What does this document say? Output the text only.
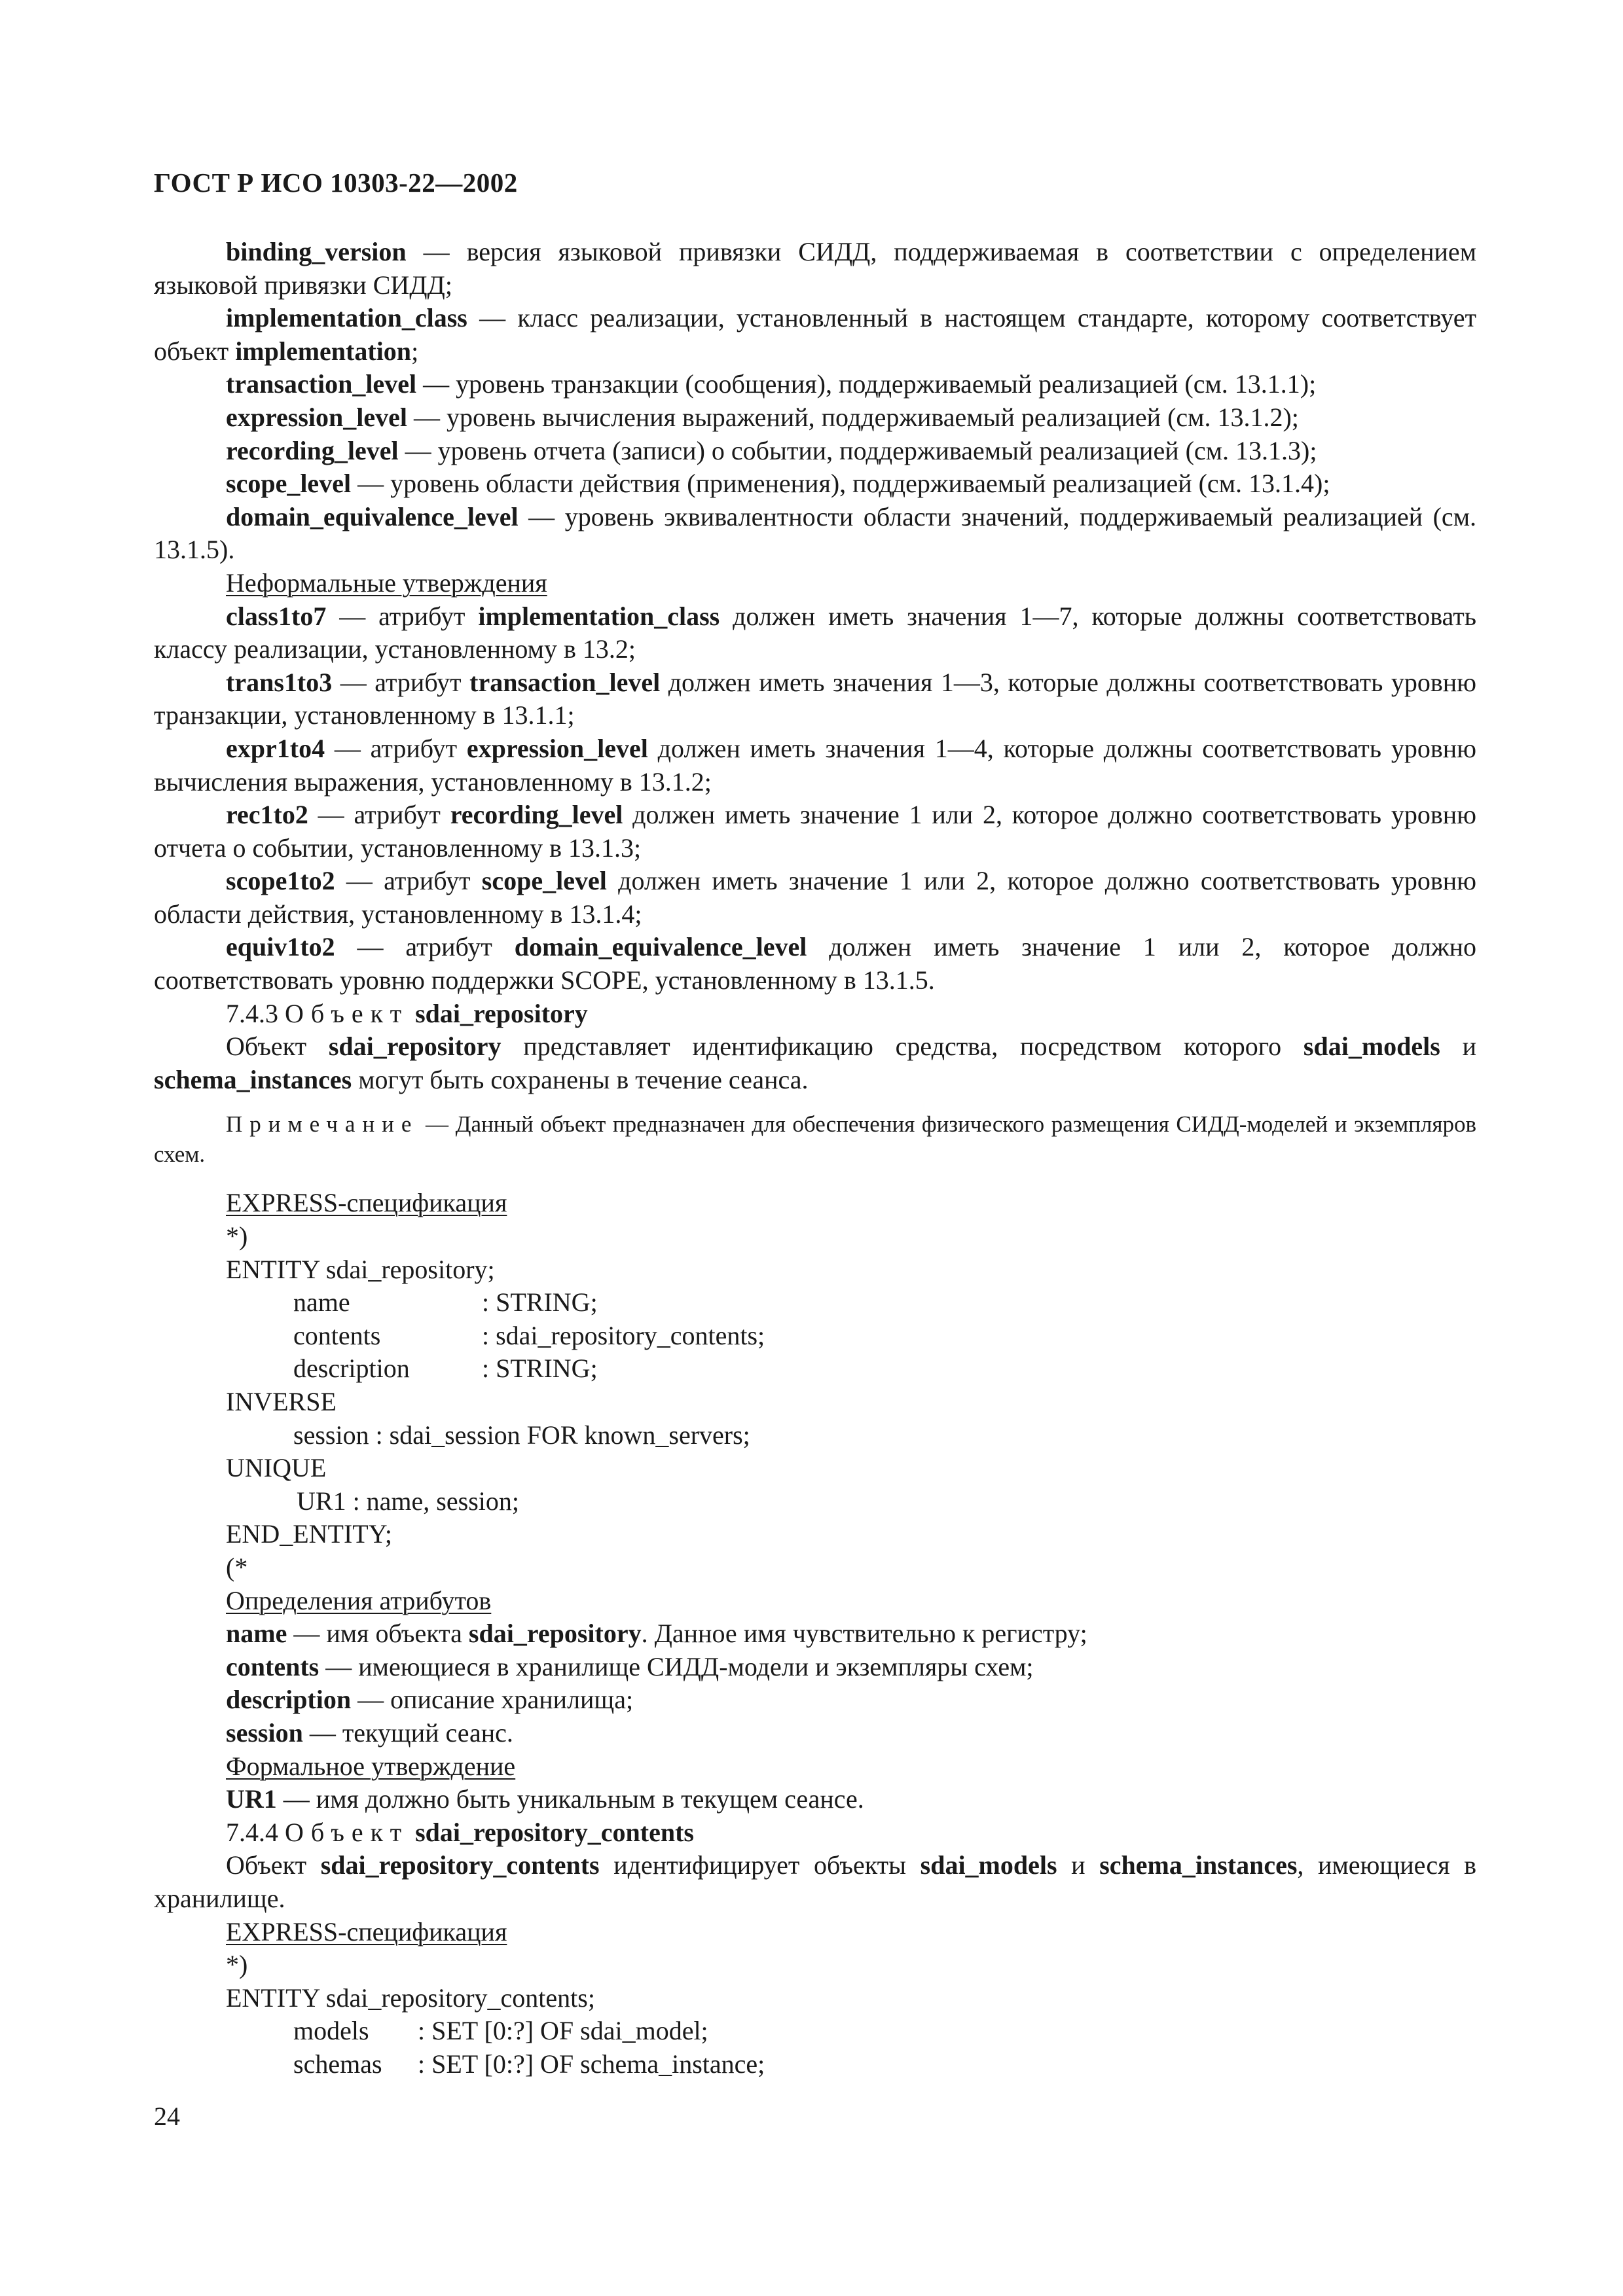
ГОСТ Р ИСО 10303-22—2002

binding_version — версия языковой привязки СИДД, поддерживаемая в соответствии с определением языковой привязки СИДД;

implementation_class — класс реализации, установленный в настоящем стандарте, которому соответствует объект implementation;

transaction_level — уровень транзакции (сообщения), поддерживаемый реализацией (см. 13.1.1);

expression_level — уровень вычисления выражений, поддерживаемый реализацией (см. 13.1.2);

recording_level — уровень отчета (записи) о событии, поддерживаемый реализацией (см. 13.1.3);

scope_level — уровень области действия (применения), поддерживаемый реализацией (см. 13.1.4);

domain_equivalence_level — уровень эквивалентности области значений, поддерживаемый реализацией (см. 13.1.5).

Неформальные утверждения

class1to7 — атрибут implementation_class должен иметь значения 1—7, которые должны соответствовать классу реализации, установленному в 13.2;

trans1to3 — атрибут transaction_level должен иметь значения 1—3, которые должны соответствовать уровню транзакции, установленному в 13.1.1;

expr1to4 — атрибут expression_level должен иметь значения 1—4, которые должны соответствовать уровню вычисления выражения, установленному в 13.1.2;

rec1to2 — атрибут recording_level должен иметь значение 1 или 2, которое должно соответствовать уровню отчета о событии, установленному в 13.1.3;

scope1to2 — атрибут scope_level должен иметь значение 1 или 2, которое должно соответствовать уровню области действия, установленному в 13.1.4;

equiv1to2 — атрибут domain_equivalence_level должен иметь значение 1 или 2, которое должно соответствовать уровню поддержки SCOPE, установленному в 13.1.5.

7.4.3 Объект sdai_repository

Объект sdai_repository представляет идентификацию средства, посредством которого sdai_models и schema_instances могут быть сохранены в течение сеанса.

Примечание — Данный объект предназначен для обеспечения физического размещения СИДД-моделей и экземпляров схем.

EXPRESS-спецификация
*)
ENTITY sdai_repository;
name	: STRING;
contents	: sdai_repository_contents;
description	: STRING;
INVERSE
session : sdai_session FOR known_servers;
UNIQUE
UR1 : name, session;
END_ENTITY;
(*

Определения атрибутов

name — имя объекта sdai_repository. Данное имя чувствительно к регистру;

contents — имеющиеся в хранилище СИДД-модели и экземпляры схем;

description — описание хранилища;

session — текущий сеанс.

Формальное утверждение

UR1 — имя должно быть уникальным в текущем сеансе.

7.4.4 Объект sdai_repository_contents

Объект sdai_repository_contents идентифицирует объекты sdai_models и schema_instances, имеющиеся в хранилище.

EXPRESS-спецификация
*)
ENTITY sdai_repository_contents;
models : SET [0:?] OF sdai_model;
schemas : SET [0:?] OF schema_instance;
24
